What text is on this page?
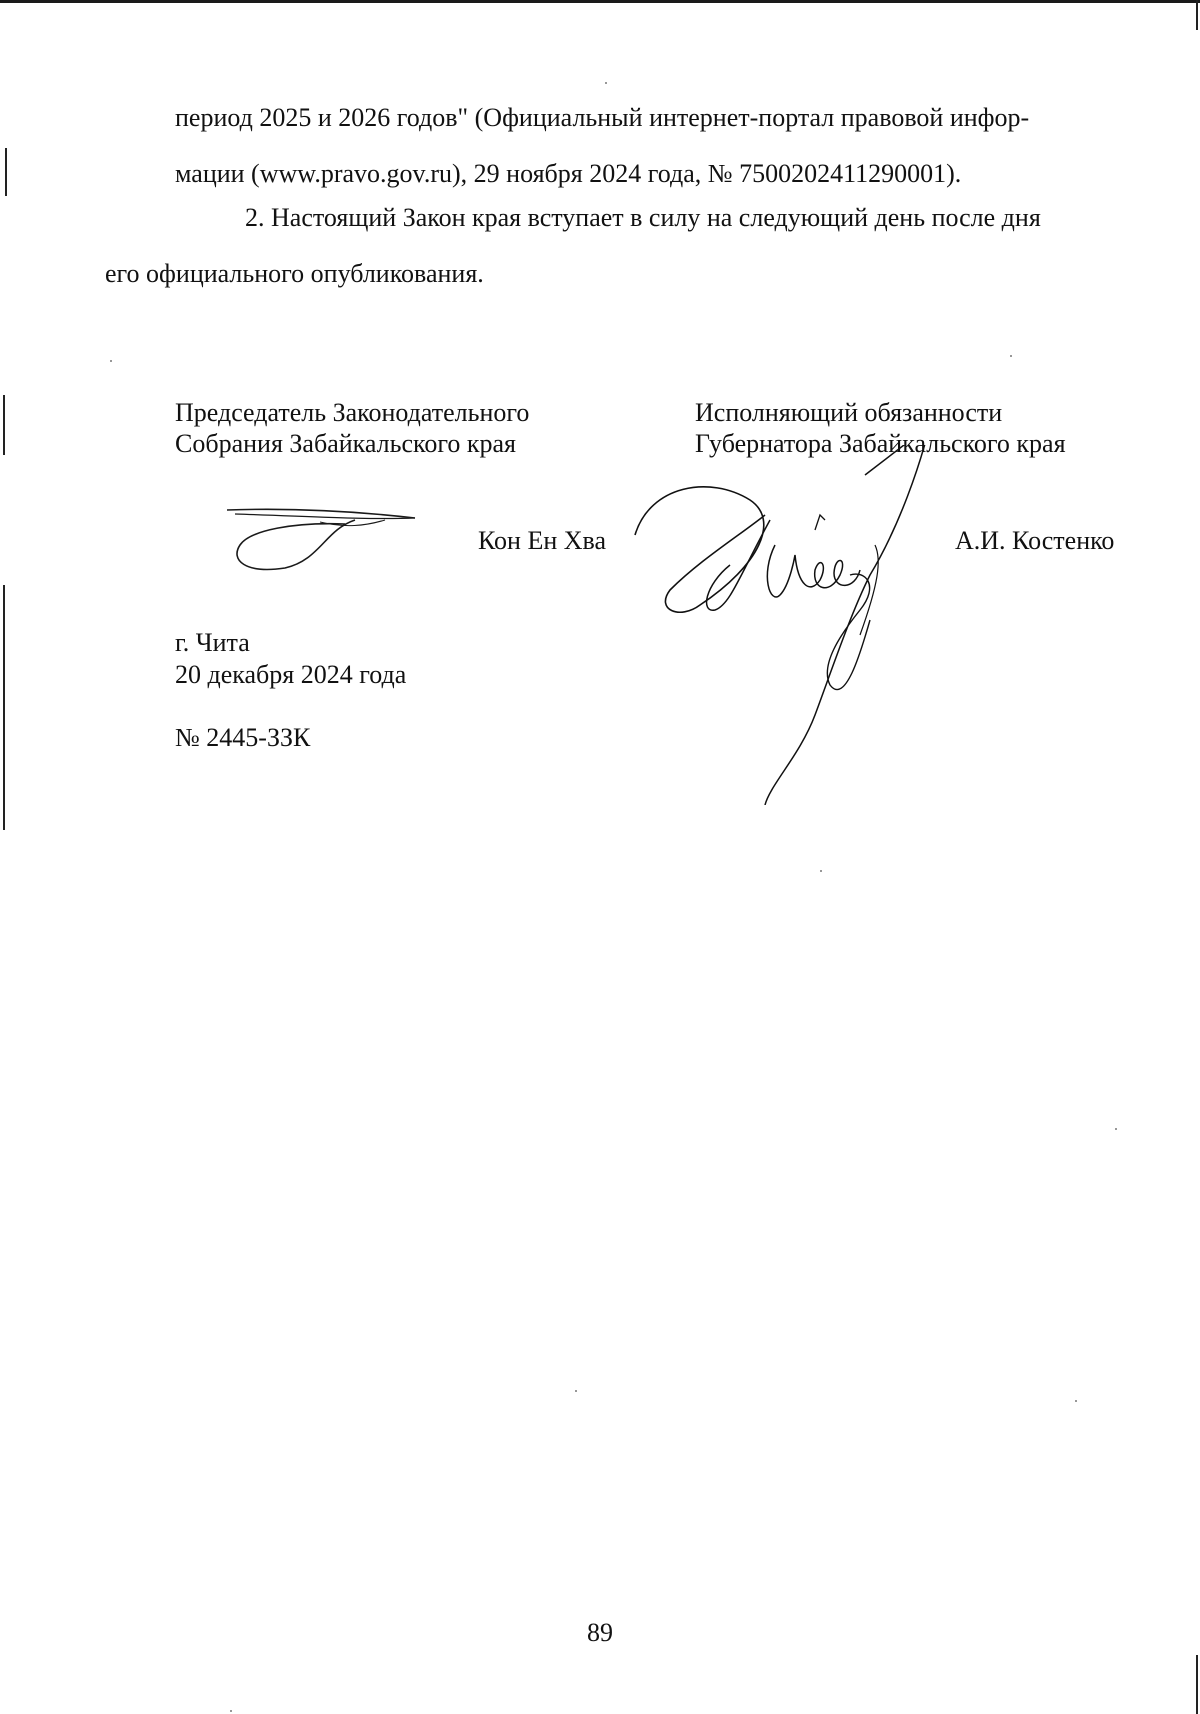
период 2025 и 2026 годов" (Официальный интернет-портал правовой инфор-
мации (www.pravo.gov.ru), 29 ноября 2024 года, № 7500202411290001).
2. Настоящий Закон края вступает в силу на следующий день после дня
его официального опубликования.
Председатель Законодательного
Собрания Забайкальского края
Исполняющий обязанности
Губернатора Забайкальского края
Кон Ен Хва	А.И. Костенко
г. Чита
20 декабря 2024 года
№ 2445-ЗЗК
89
